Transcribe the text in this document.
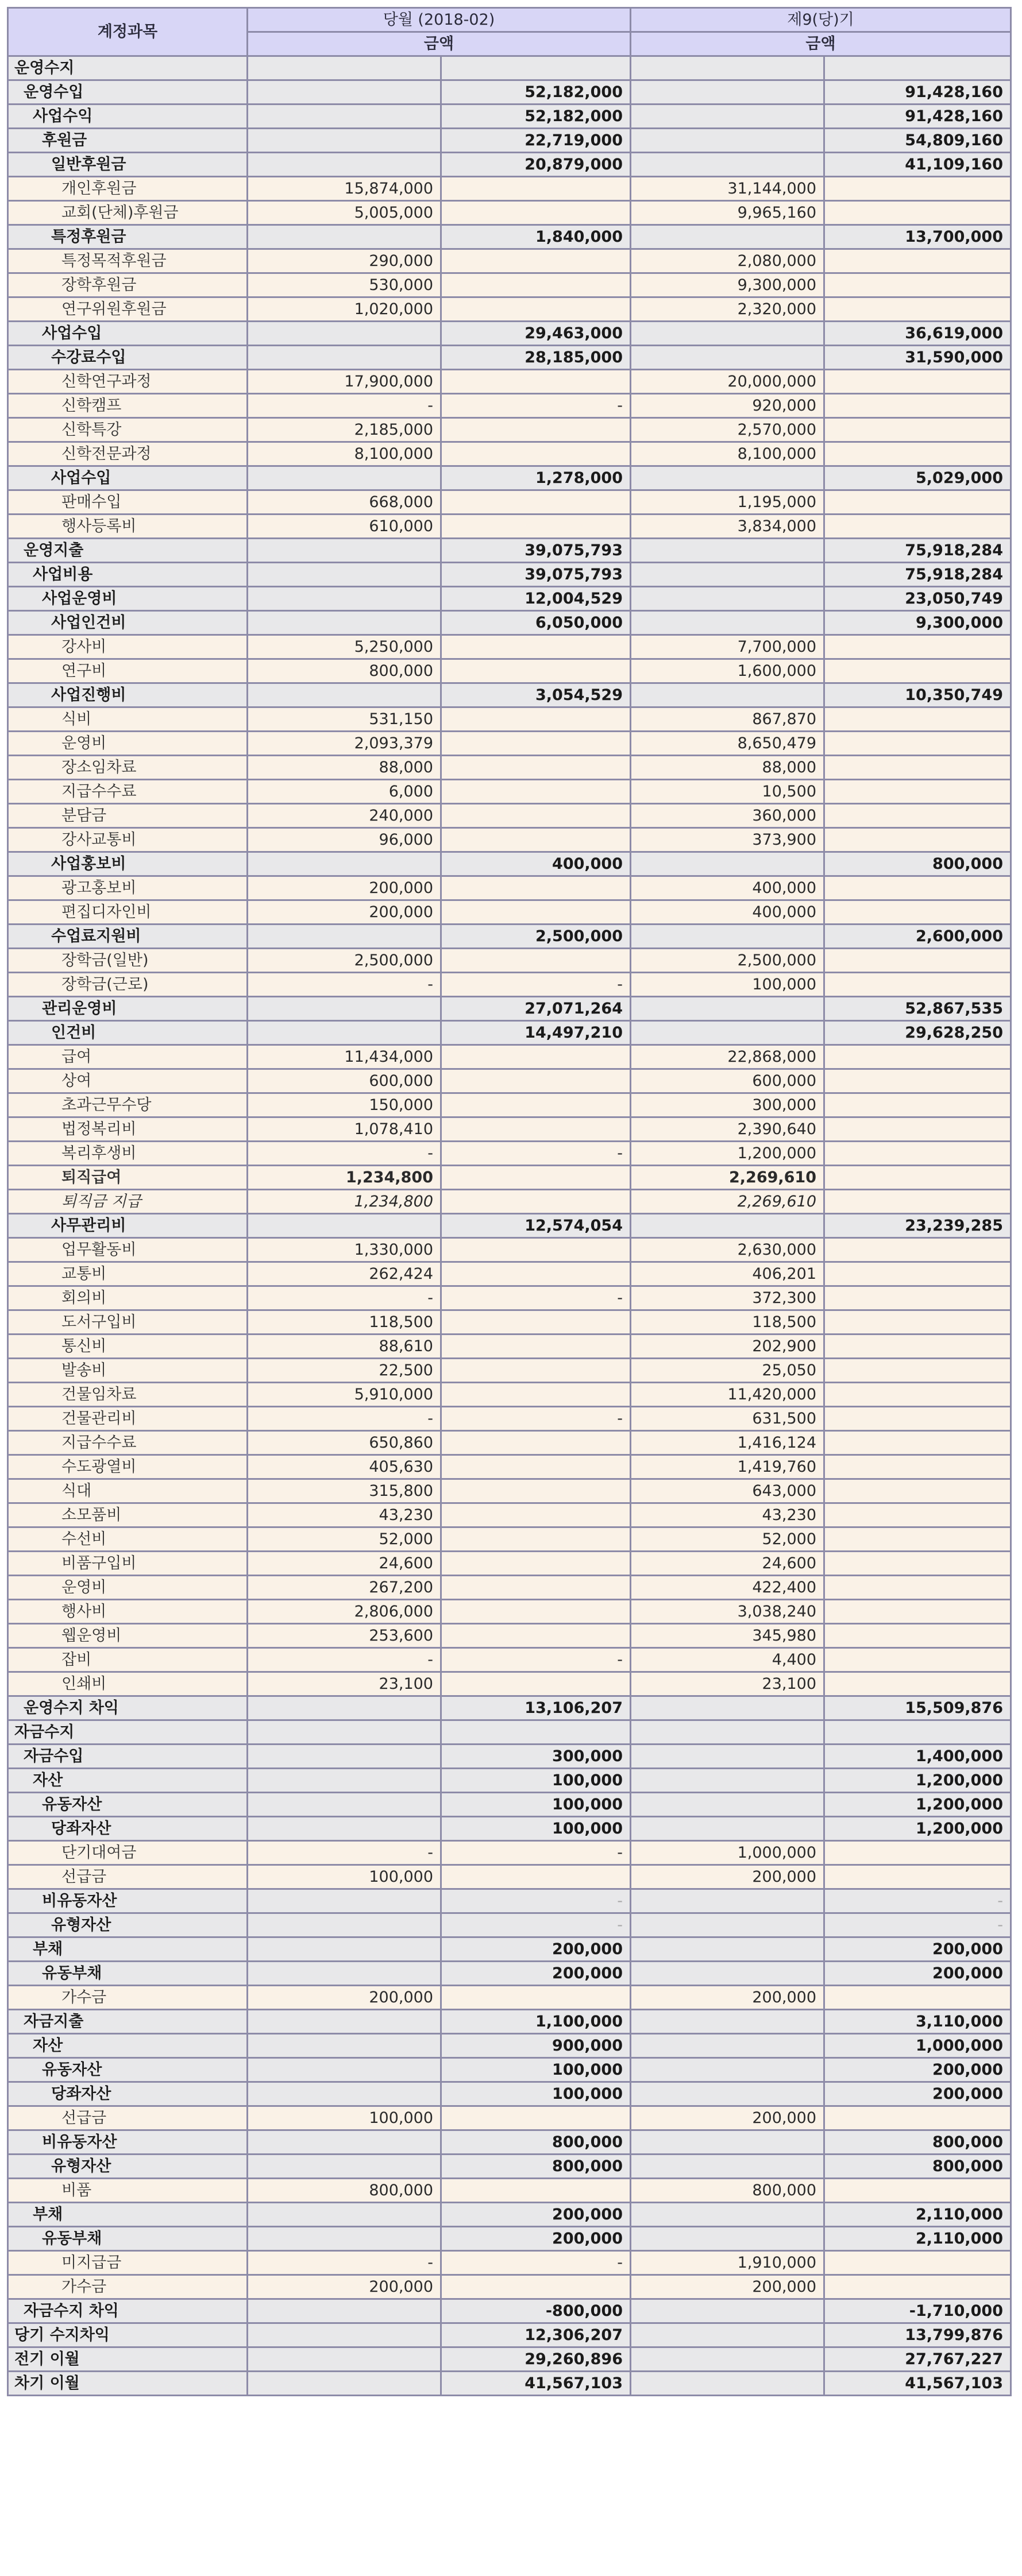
계정과목	당월 (2018-02)		제9(당)기	
	금액		금액	
운영수지				
운영수입		52,182,000		91,428,160
사업수익		52,182,000		91,428,160
후원금		22,719,000		54,809,160
일반후원금		20,879,000		41,109,160
개인후원금	15,874,000		31,144,000	
교회(단체)후원금	5,005,000		9,965,160	
특정후원금		1,840,000		13,700,000
특정목적후원금	290,000		2,080,000	
장학후원금	530,000		9,300,000	
연구위원후원금	1,020,000		2,320,000	
사업수입		29,463,000		36,619,000
수강료수입		28,185,000		31,590,000
신학연구과정	17,900,000		20,000,000	
신학캠프	-	-	920,000	
신학특강	2,185,000		2,570,000	
신학전문과정	8,100,000		8,100,000	
사업수입		1,278,000		5,029,000
판매수입	668,000		1,195,000	
행사등록비	610,000		3,834,000	
운영지출		39,075,793		75,918,284
사업비용		39,075,793		75,918,284
사업운영비		12,004,529		23,050,749
사업인건비		6,050,000		9,300,000
강사비	5,250,000		7,700,000	
연구비	800,000		1,600,000	
사업진행비		3,054,529		10,350,749
식비	531,150		867,870	
운영비	2,093,379		8,650,479	
장소임차료	88,000		88,000	
지급수수료	6,000		10,500	
분담금	240,000		360,000	
강사교통비	96,000		373,900	
사업홍보비		400,000		800,000
광고홍보비	200,000		400,000	
편집디자인비	200,000		400,000	
수업료지원비		2,500,000		2,600,000
장학금(일반)	2,500,000		2,500,000	
장학금(근로)	-	-	100,000	
관리운영비		27,071,264		52,867,535
인건비		14,497,210		29,628,250
급여	11,434,000		22,868,000	
상여	600,000		600,000	
초과근무수당	150,000		300,000	
법정복리비	1,078,410		2,390,640	
복리후생비	-	-	1,200,000	
퇴직급여	1,234,800		2,269,610	
퇴직금 지급	1,234,800		2,269,610	
사무관리비		12,574,054		23,239,285
업무활동비	1,330,000		2,630,000	
교통비	262,424		406,201	
회의비	-	-	372,300	
도서구입비	118,500		118,500	
통신비	88,610		202,900	
발송비	22,500		25,050	
건물임차료	5,910,000		11,420,000	
건물관리비	-	-	631,500	
지급수수료	650,860		1,416,124	
수도광열비	405,630		1,419,760	
식대	315,800		643,000	
소모품비	43,230		43,230	
수선비	52,000		52,000	
비품구입비	24,600		24,600	
운영비	267,200		422,400	
행사비	2,806,000		3,038,240	
웹운영비	253,600		345,980	
잡비	-	-	4,400	
인쇄비	23,100		23,100	
운영수지 차익		13,106,207		15,509,876
자금수지				
자금수입		300,000		1,400,000
자산		100,000		1,200,000
유동자산		100,000		1,200,000
당좌자산		100,000		1,200,000
단기대여금	-	-	1,000,000	
선급금	100,000		200,000	
비유동자산		-		-
유형자산		-		-
부채		200,000		200,000
유동부채		200,000		200,000
가수금	200,000		200,000	
자금지출		1,100,000		3,110,000
자산		900,000		1,000,000
유동자산		100,000		200,000
당좌자산		100,000		200,000
선급금	100,000		200,000	
비유동자산		800,000		800,000
유형자산		800,000		800,000
비품	800,000		800,000	
부채		200,000		2,110,000
유동부채		200,000		2,110,000
미지급금	-	-	1,910,000	
가수금	200,000		200,000	
자금수지 차익		-800,000		-1,710,000
당기 수지차익		12,306,207		13,799,876
전기 이월		29,260,896		27,767,227
차기 이월		41,567,103		41,567,103
